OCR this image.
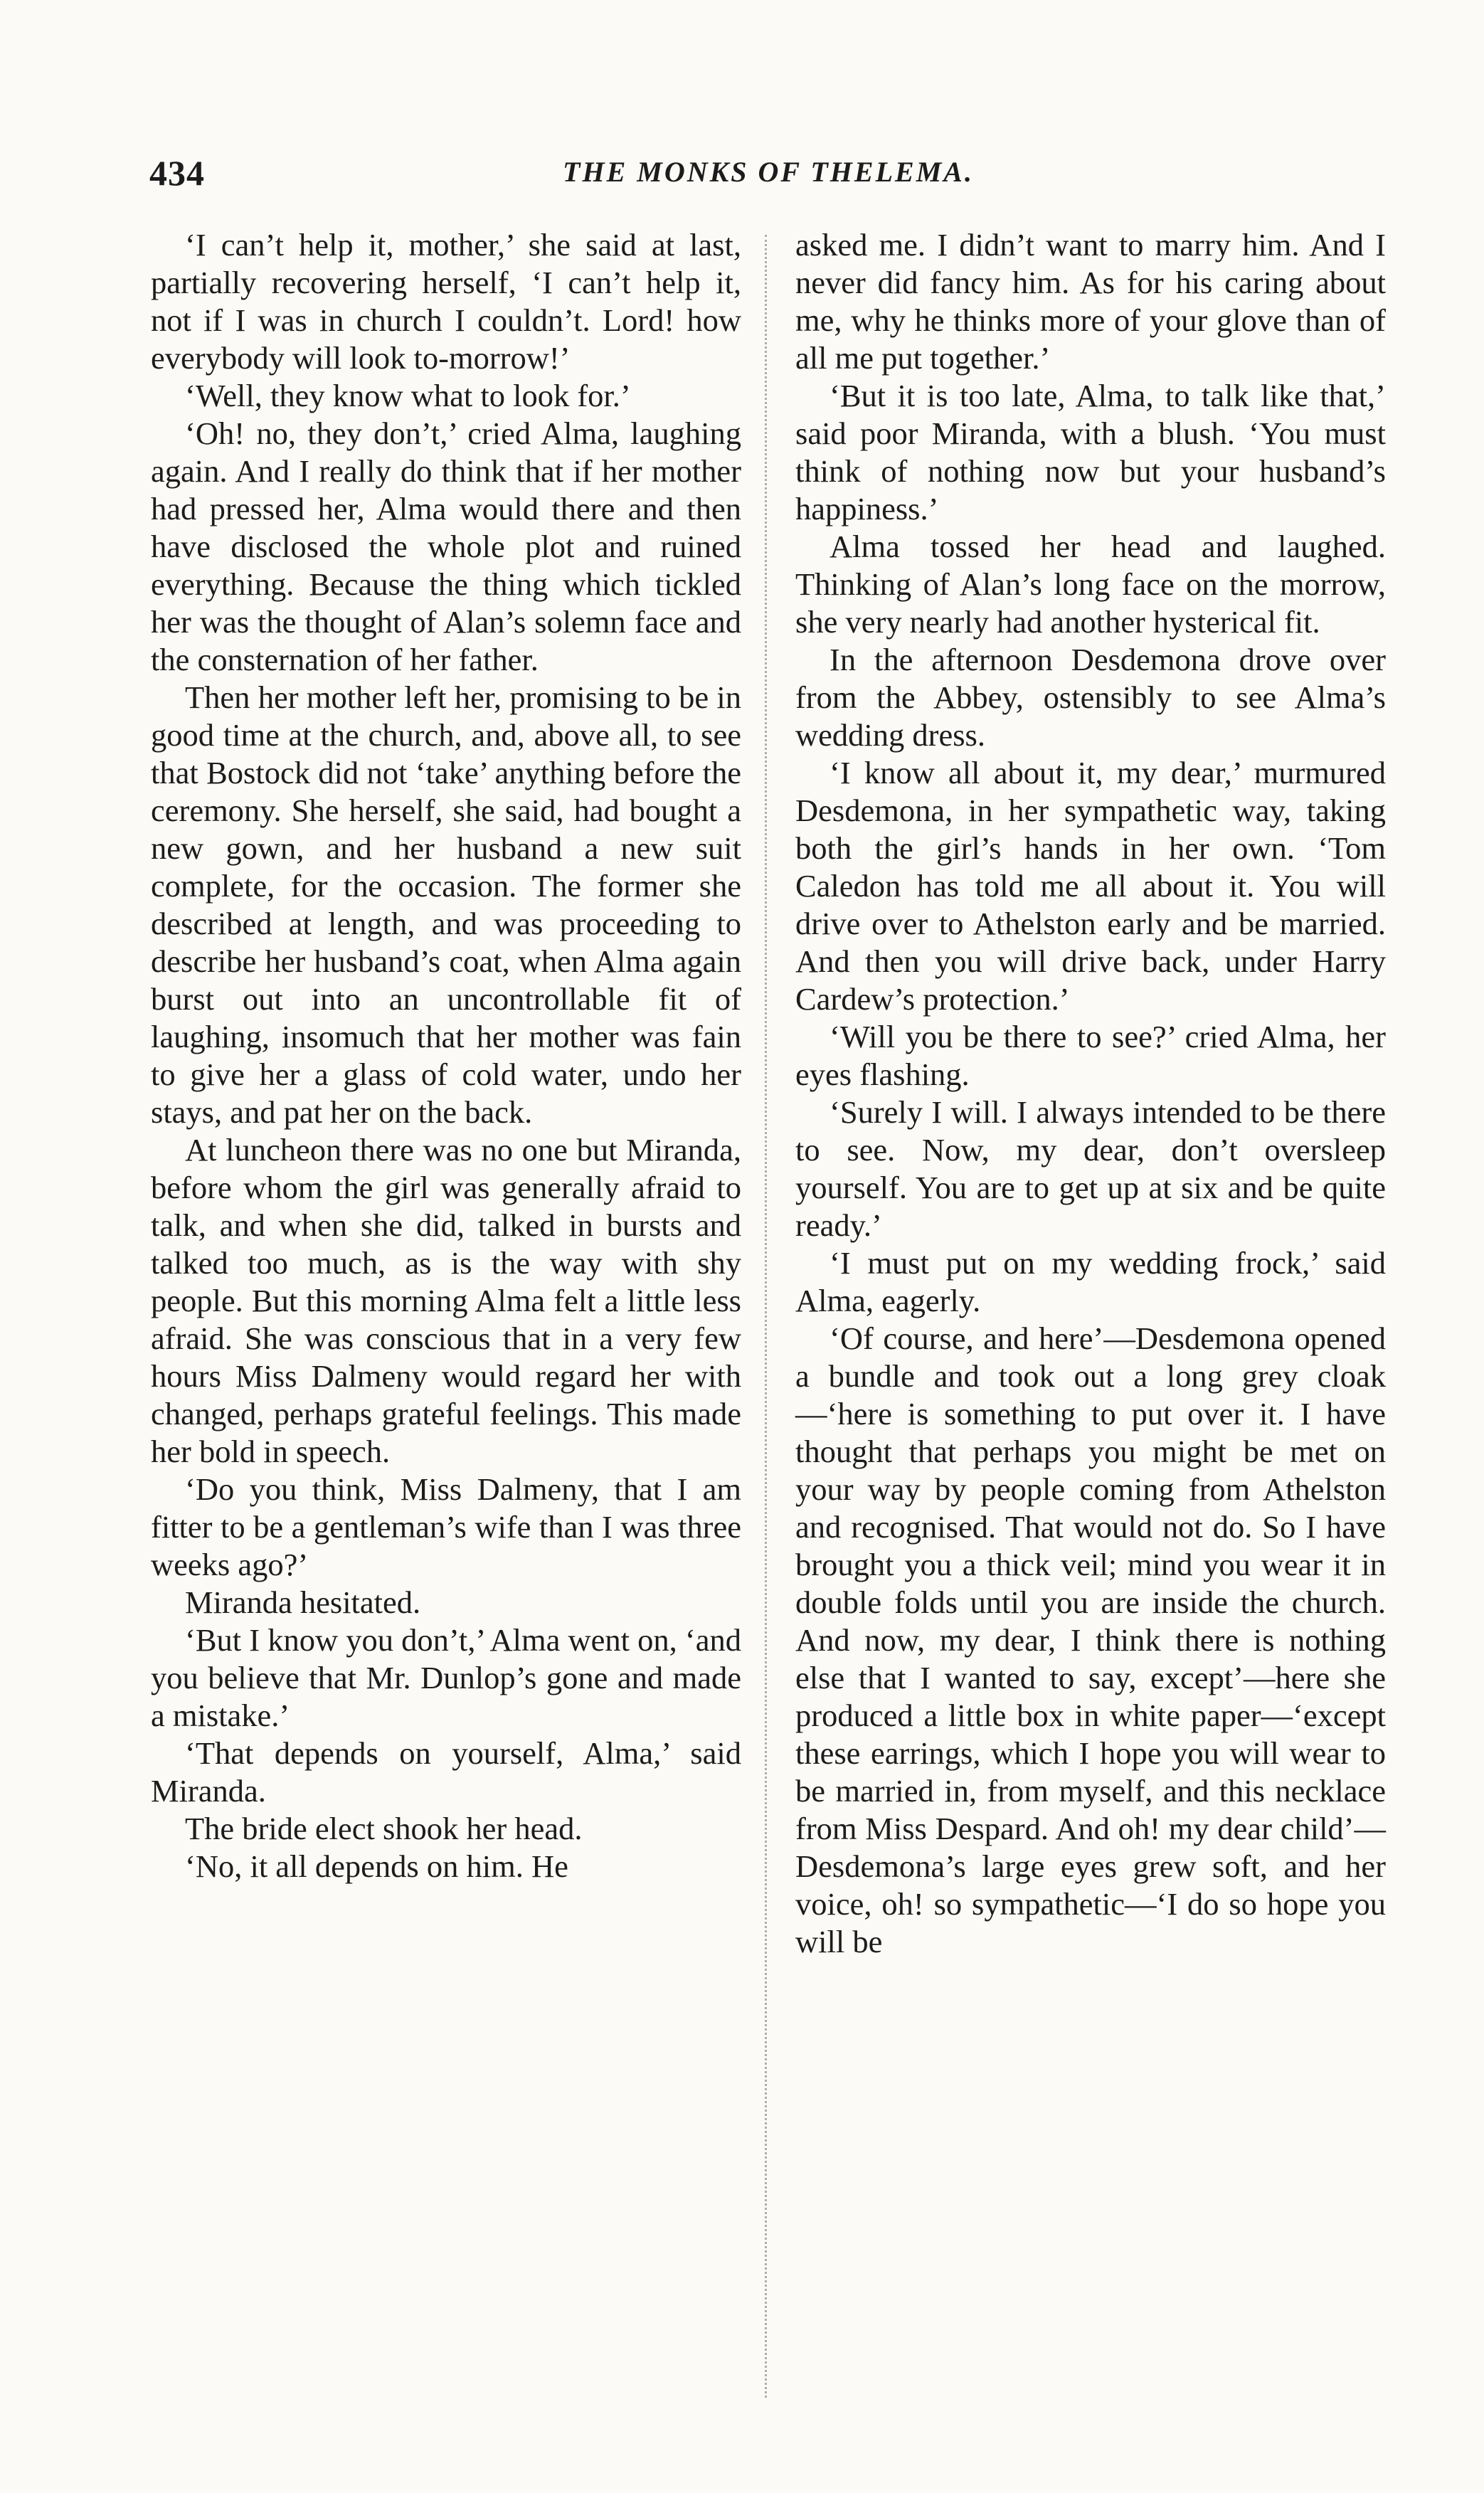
434	THE MONKS OF THELEMA.

‘I can’t help it, mother,’ she said at last, partially recovering herself, ‘I can’t help it, not if I was in church I couldn’t. Lord! how everybody will look to-morrow!’

‘Well, they know what to look for.’

‘Oh! no, they don’t,’ cried Alma, laughing again. And I really do think that if her mother had pressed her, Alma would there and then have disclosed the whole plot and ruined everything. Because the thing which tickled her was the thought of Alan’s solemn face and the consternation of her father.

Then her mother left her, promising to be in good time at the church, and, above all, to see that Bostock did not ‘take’ anything before the ceremony. She herself, she said, had bought a new gown, and her husband a new suit complete, for the occasion. The former she described at length, and was proceeding to describe her husband’s coat, when Alma again burst out into an uncontrollable fit of laughing, insomuch that her mother was fain to give her a glass of cold water, undo her stays, and pat her on the back.

At luncheon there was no one but Miranda, before whom the girl was generally afraid to talk, and when she did, talked in bursts and talked too much, as is the way with shy people. But this morning Alma felt a little less afraid. She was conscious that in a very few hours Miss Dalmeny would regard her with changed, perhaps grateful feelings. This made her bold in speech.

‘Do you think, Miss Dalmeny, that I am fitter to be a gentleman’s wife than I was three weeks ago?’

Miranda hesitated.

‘But I know you don’t,’ Alma went on, ‘and you believe that Mr. Dunlop’s gone and made a mistake.’

‘That depends on yourself, Alma,’ said Miranda.

The bride elect shook her head.

‘No, it all depends on him. He

asked me. I didn’t want to marry him. And I never did fancy him. As for his caring about me, why he thinks more of your glove than of all me put together.’

‘But it is too late, Alma, to talk like that,’ said poor Miranda, with a blush. ‘You must think of nothing now but your husband’s happiness.’

Alma tossed her head and laughed. Thinking of Alan’s long face on the morrow, she very nearly had another hysterical fit.

In the afternoon Desdemona drove over from the Abbey, ostensibly to see Alma’s wedding dress.

‘I know all about it, my dear,’ murmured Desdemona, in her sympathetic way, taking both the girl’s hands in her own. ‘Tom Caledon has told me all about it. You will drive over to Athelston early and be married. And then you will drive back, under Harry Cardew’s protection.’

‘Will you be there to see?’ cried Alma, her eyes flashing.

‘Surely I will. I always intended to be there to see. Now, my dear, don’t oversleep yourself. You are to get up at six and be quite ready.’

‘I must put on my wedding frock,’ said Alma, eagerly.

‘Of course, and here’—Desdemona opened a bundle and took out a long grey cloak—‘here is something to put over it. I have thought that perhaps you might be met on your way by people coming from Athelston and recognised. That would not do. So I have brought you a thick veil; mind you wear it in double folds until you are inside the church. And now, my dear, I think there is nothing else that I wanted to say, except’—here she produced a little box in white paper—‘except these earrings, which I hope you will wear to be married in, from myself, and this necklace from Miss Despard. And oh! my dear child’—Desdemona’s large eyes grew soft, and her voice, oh! so sympathetic—‘I do so hope you will be
